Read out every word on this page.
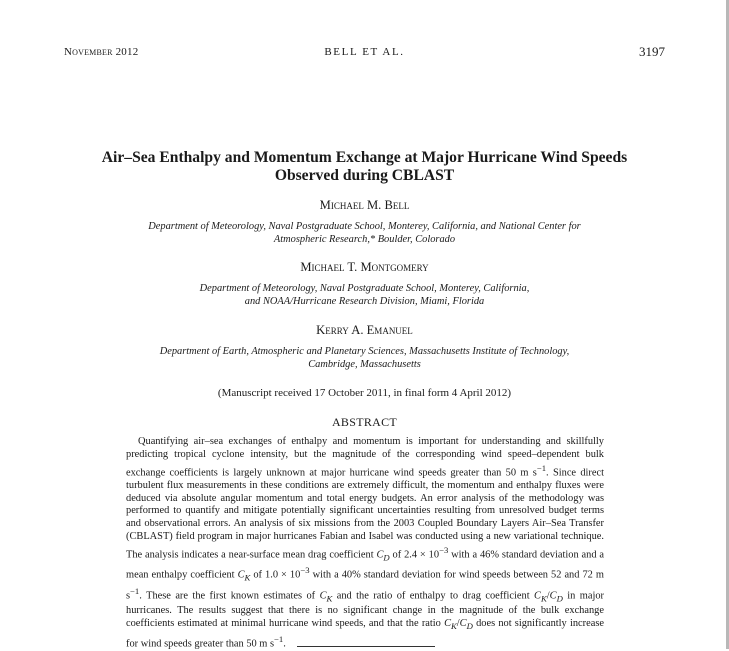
November 2012	BELL ET AL.	3197
Air–Sea Enthalpy and Momentum Exchange at Major Hurricane Wind Speeds
Observed during CBLAST
Michael M. Bell
Department of Meteorology, Naval Postgraduate School, Monterey, California, and National Center for
Atmospheric Research,* Boulder, Colorado
Michael T. Montgomery
Department of Meteorology, Naval Postgraduate School, Monterey, California,
and NOAA/Hurricane Research Division, Miami, Florida
Kerry A. Emanuel
Department of Earth, Atmospheric and Planetary Sciences, Massachusetts Institute of Technology,
Cambridge, Massachusetts
(Manuscript received 17 October 2011, in final form 4 April 2012)
ABSTRACT

Quantifying air–sea exchanges of enthalpy and momentum is important for understanding and skillfully predicting tropical cyclone intensity, but the magnitude of the corresponding wind speed–dependent bulk exchange coefficients is largely unknown at major hurricane wind speeds greater than 50 m $s^{-1}$. Since direct turbulent flux measurements in these conditions are extremely difficult, the momentum and enthalpy fluxes were deduced via absolute angular momentum and total energy budgets. An error analysis of the methodology was performed to quantify and mitigate potentially significant uncertainties resulting from unresolved budget terms and observational errors. An analysis of six missions from the 2003 Coupled Boundary Layers Air–Sea Transfer (CBLAST) field program in major hurricanes Fabian and Isabel was conducted using a new variational technique. The analysis indicates a near-surface mean drag coefficient $C_D$ of $2.4 \times 10^{-3}$ with a 46% standard deviation and a mean enthalpy coefficient $C_K$ of $1.0 \times 10^{-3}$ with a 40% standard deviation for wind speeds between 52 and 72 m $s^{-1}$. These are the first known estimates of $C_K$ and the ratio of enthalpy to drag coefficient $C_K/C_D$ in major hurricanes. The results suggest that there is no significant change in the magnitude of the bulk exchange coefficients estimated at minimal hurricane wind speeds, and that the ratio $C_K/C_D$ does not significantly increase for wind speeds greater than 50 m $s^{-1}$.
